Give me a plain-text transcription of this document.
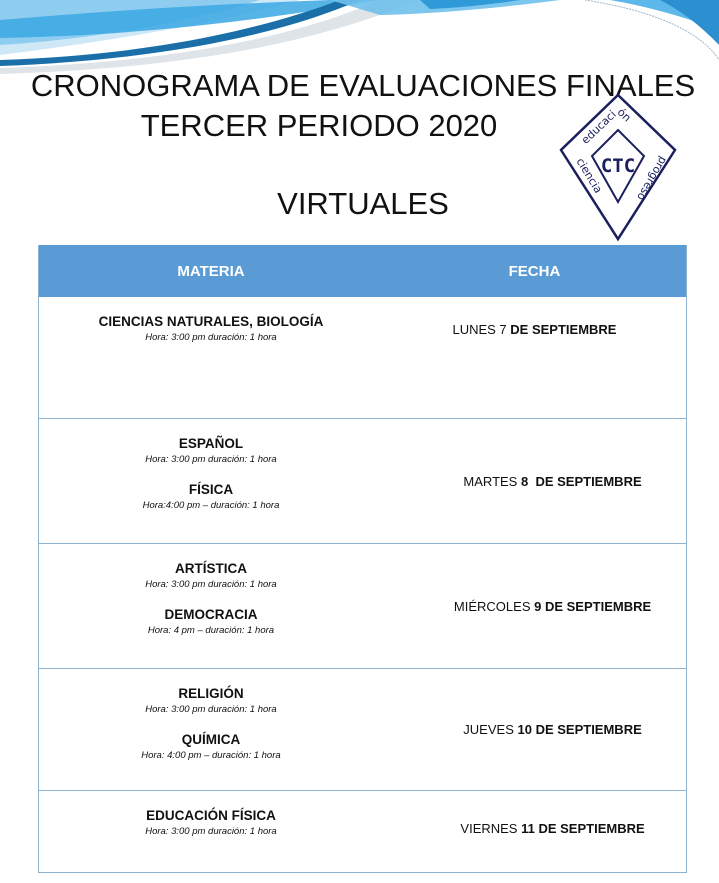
CRONOGRAMA DE EVALUACIONES FINALES
TERCER PERIODO 2020
VIRTUALES
educación
ciencia
progreso
CTC
MATERIA	FECHA
CIENCIAS NATURALES, BIOLOGÍA
Hora: 3:00 pm duración: 1 hora
LUNES 7 DE SEPTIEMBRE
ESPAÑOL
Hora: 3:00 pm duración: 1 hora
FÍSICA
Hora:4:00 pm – duración: 1 hora

MARTES 8  DE SEPTIEMBRE

ARTÍSTICA
Hora: 3:00 pm duración: 1 hora
DEMOCRACIA
Hora: 4 pm – duración: 1 hora

MIÉRCOLES 9 DE SEPTIEMBRE

RELIGIÓN
Hora: 3:00 pm duración: 1 hora
QUÍMICA
Hora: 4:00 pm – duración: 1 hora

JUEVES 10 DE SEPTIEMBRE

EDUCACIÓN FÍSICA
Hora: 3:00 pm duración: 1 hora	VIERNES 11 DE SEPTIEMBRE
